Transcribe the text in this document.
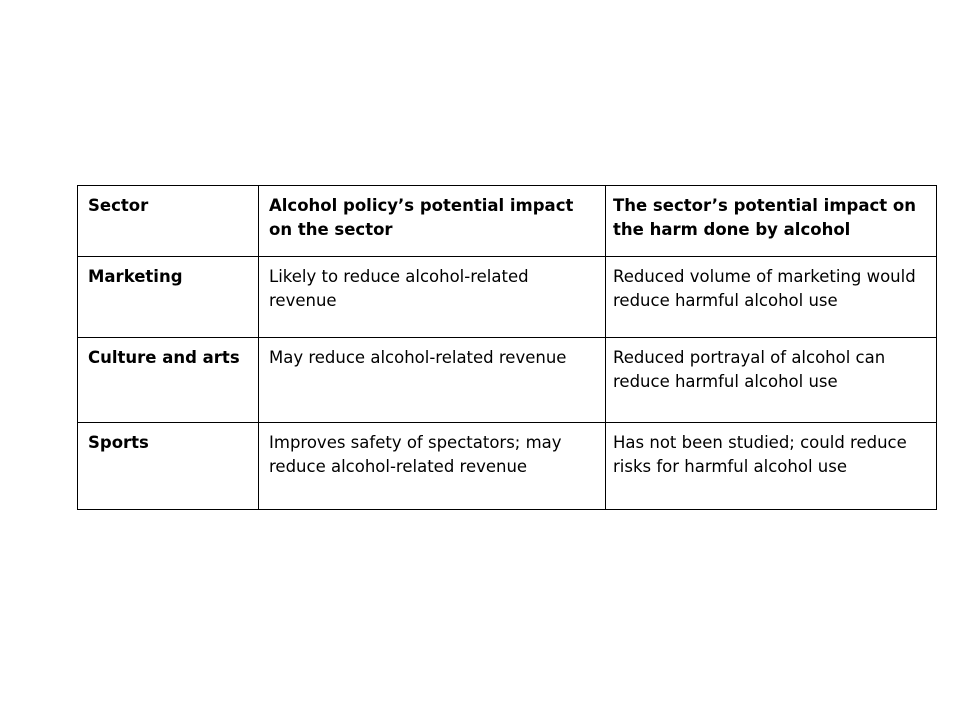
Sector	Alcohol policy’s potential impact on the sector	The sector’s potential impact on the harm done by alcohol
Marketing	Likely to reduce alcohol-related revenue	Reduced volume of marketing would reduce harmful alcohol use
Culture and arts	May reduce alcohol-related revenue	Reduced portrayal of alcohol can reduce harmful alcohol use
Sports	Improves safety of spectators; may reduce alcohol-related revenue	Has not been studied; could reduce risks for harmful alcohol use
